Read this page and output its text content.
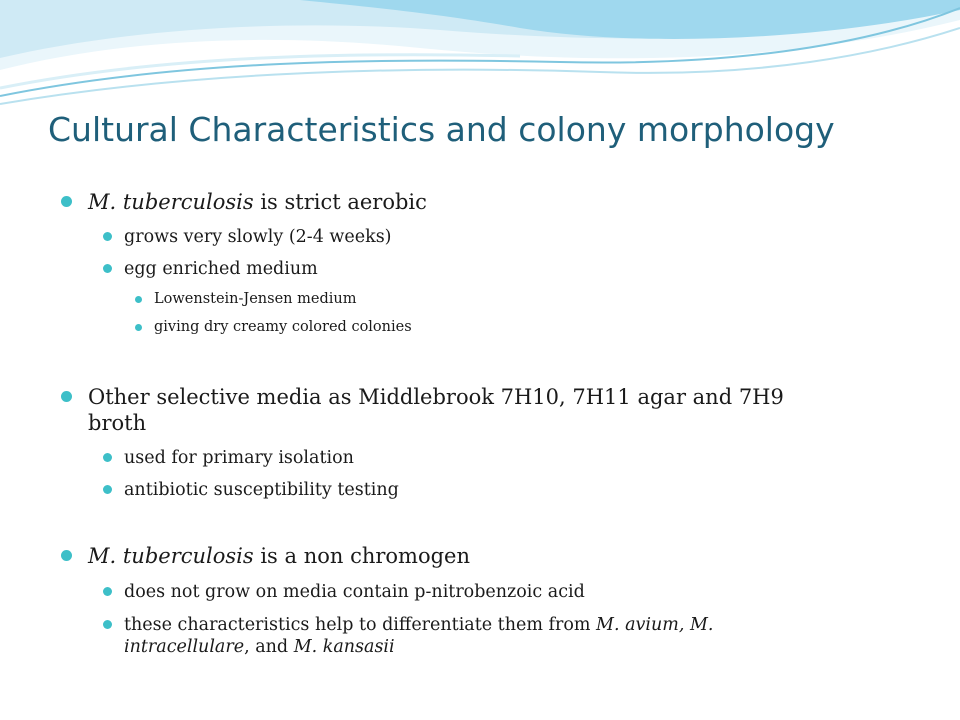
Cultural Characteristics and colony morphology
M. tuberculosis is strict aerobic
grows very slowly (2-4 weeks)
egg enriched medium
Lowenstein-Jensen medium
giving dry creamy colored colonies
Other selective media as Middlebrook 7H10, 7H11 agar and 7H9
broth
used for primary isolation
antibiotic susceptibility testing
M. tuberculosis is a non chromogen
does not grow on media contain p-nitrobenzoic acid
these characteristics help to differentiate them from M. avium, M.
intracellulare, and M. kansasii
